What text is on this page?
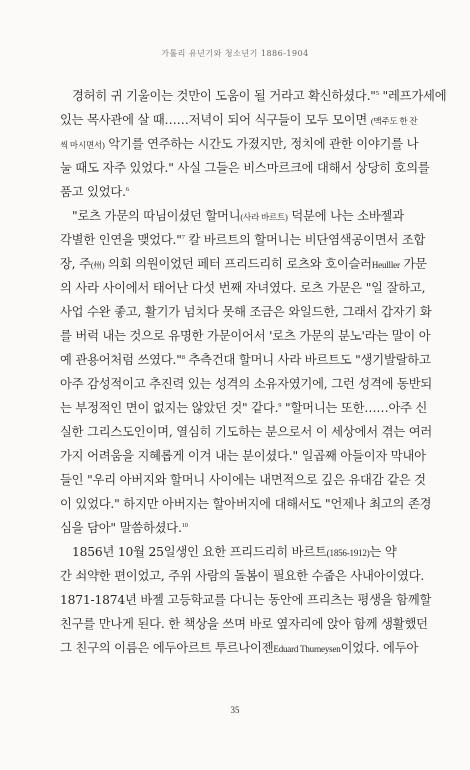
가톨리 유년기와 청소년기 1886-1904
경허히 귀 기울이는 것만이 도움이 될 거라고 확신하셨다."$^5$ "레프가세에
있는 목사관에 살 때……저녁이 되어 식구들이 모두 모이면 (맥주도 한 잔
씩 마시면서) 악기를 연주하는 시간도 가졌지만, 정치에 관한 이야기를 나
눌 때도 자주 있었다." 사실 그들은 비스마르크에 대해서 상당히 호의를
품고 있었다.$^6$
"로츠 가문의 따님이셨던 할머니(사라 바르트) 덕분에 나는 소바젤과
각별한 인연을 맺었다."$^7$ 칼 바르트의 할머니는 비단염색공이면서 조합
장, 주(州) 의회 의원이었던 페터 프리드리히 로츠와 호이슬러Heulller 가문
의 사라 사이에서 태어난 다섯 번째 자녀였다. 로츠 가문은 "일 잘하고,
사업 수완 좋고, 활기가 넘치다 못해 조금은 와일드한, 그래서 갑자기 화
를 버럭 내는 것으로 유명한 가문이어서 '로츠 가문의 분노'라는 말이 아
예 관용어처럼 쓰였다."$^8$ 추측건대 할머니 사라 바르트도 "생기발랄하고
아주 감성적이고 추진력 있는 성격의 소유자였기에, 그런 성격에 동반되
는 부정적인 면이 없지는 않았던 것" 같다.$^9$ "할머니는 또한……아주 신
실한 그리스도인이며, 열심히 기도하는 분으로서 이 세상에서 겪는 여러
가지 어려움을 지혜롭게 이겨 내는 분이셨다." 일곱째 아들이자 막내아
들인 "우리 아버지와 할머니 사이에는 내면적으로 깊은 유대감 같은 것
이 있었다." 하지만 아버지는 할아버지에 대해서도 "언제나 최고의 존경
심을 담아" 말씀하셨다.$^{10}$
1856년 10월 25일생인 요한 프리드리히 바르트(1856-1912)는 약
간 쇠약한 편이었고, 주위 사람의 돌봄이 필요한 수줍은 사내아이였다.
1871-1874년 바젤 고등학교를 다니는 동안에 프리츠는 평생을 함께할
친구를 만나게 된다. 한 책상을 쓰며 바로 옆자리에 앉아 함께 생활했던
그 친구의 이름은 에두아르트 투르나이젠Eduard Thurneysen이었다. 에두아
35
